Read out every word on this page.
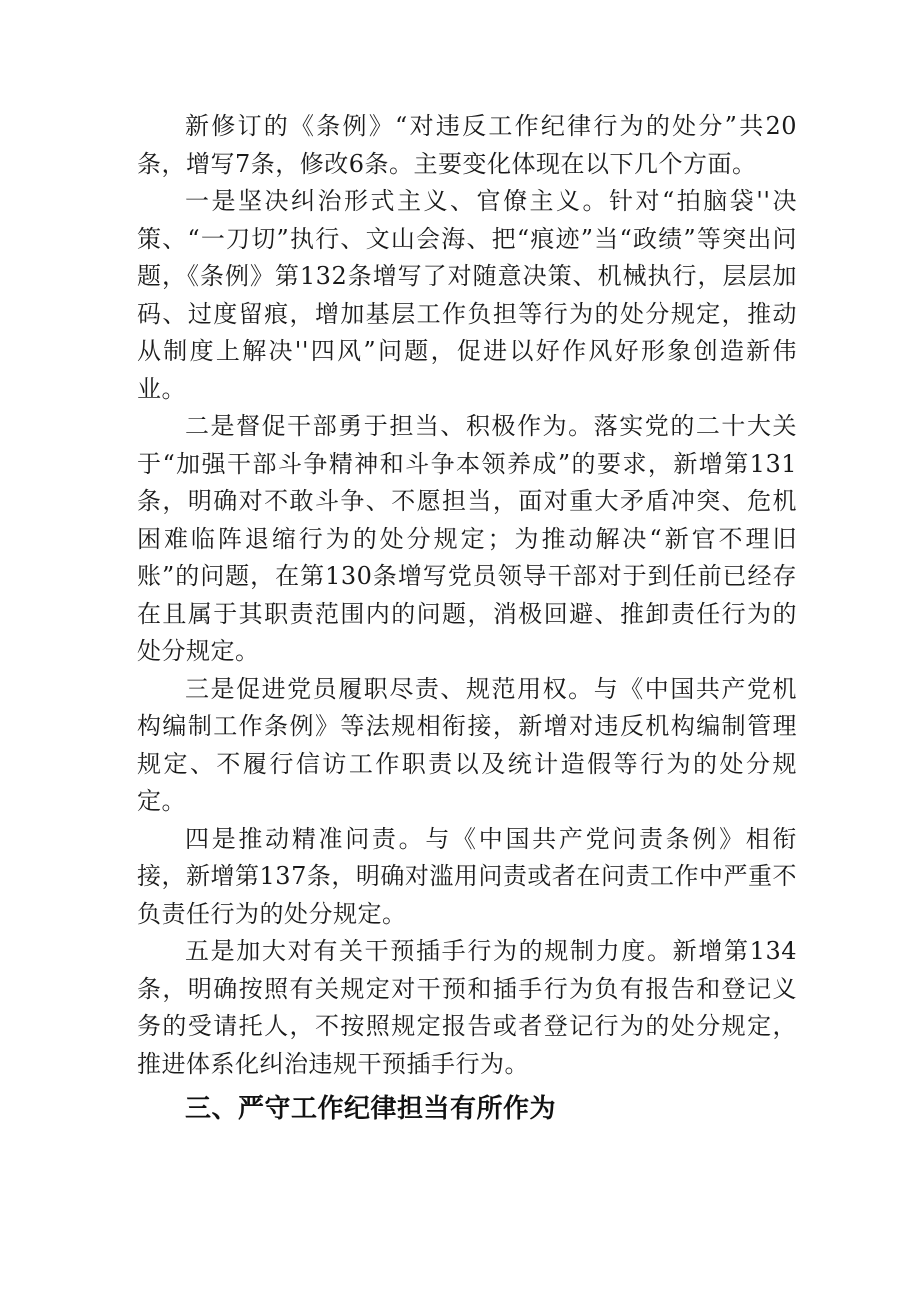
新修订的《条例》“对违反工作纪律行为的处分”共20条，增写7条，修改6条。主要变化体现在以下几个方面。

一是坚决纠治形式主义、官僚主义。针对“拍脑袋''决策、“一刀切”执行、文山会海、把“痕迹”当“政绩”等突出问题，《条例》第132条增写了对随意决策、机械执行，层层加码、过度留痕，增加基层工作负担等行为的处分规定，推动从制度上解决''四风”问题，促进以好作风好形象创造新伟业。

二是督促干部勇于担当、积极作为。落实党的二十大关于“加强干部斗争精神和斗争本领养成”的要求，新增第131条，明确对不敢斗争、不愿担当，面对重大矛盾冲突、危机困难临阵退缩行为的处分规定；为推动解决“新官不理旧账”的问题，在第130条增写党员领导干部对于到任前已经存在且属于其职责范围内的问题，消极回避、推卸责任行为的处分规定。

三是促进党员履职尽责、规范用权。与《中国共产党机构编制工作条例》等法规相衔接，新增对违反机构编制管理规定、不履行信访工作职责以及统计造假等行为的处分规定。

四是推动精准问责。与《中国共产党问责条例》相衔接，新增第137条，明确对滥用问责或者在问责工作中严重不负责任行为的处分规定。

五是加大对有关干预插手行为的规制力度。新增第134条，明确按照有关规定对干预和插手行为负有报告和登记义务的受请托人，不按照规定报告或者登记行为的处分规定，推进体系化纠治违规干预插手行为。

三、严守工作纪律担当有所作为
